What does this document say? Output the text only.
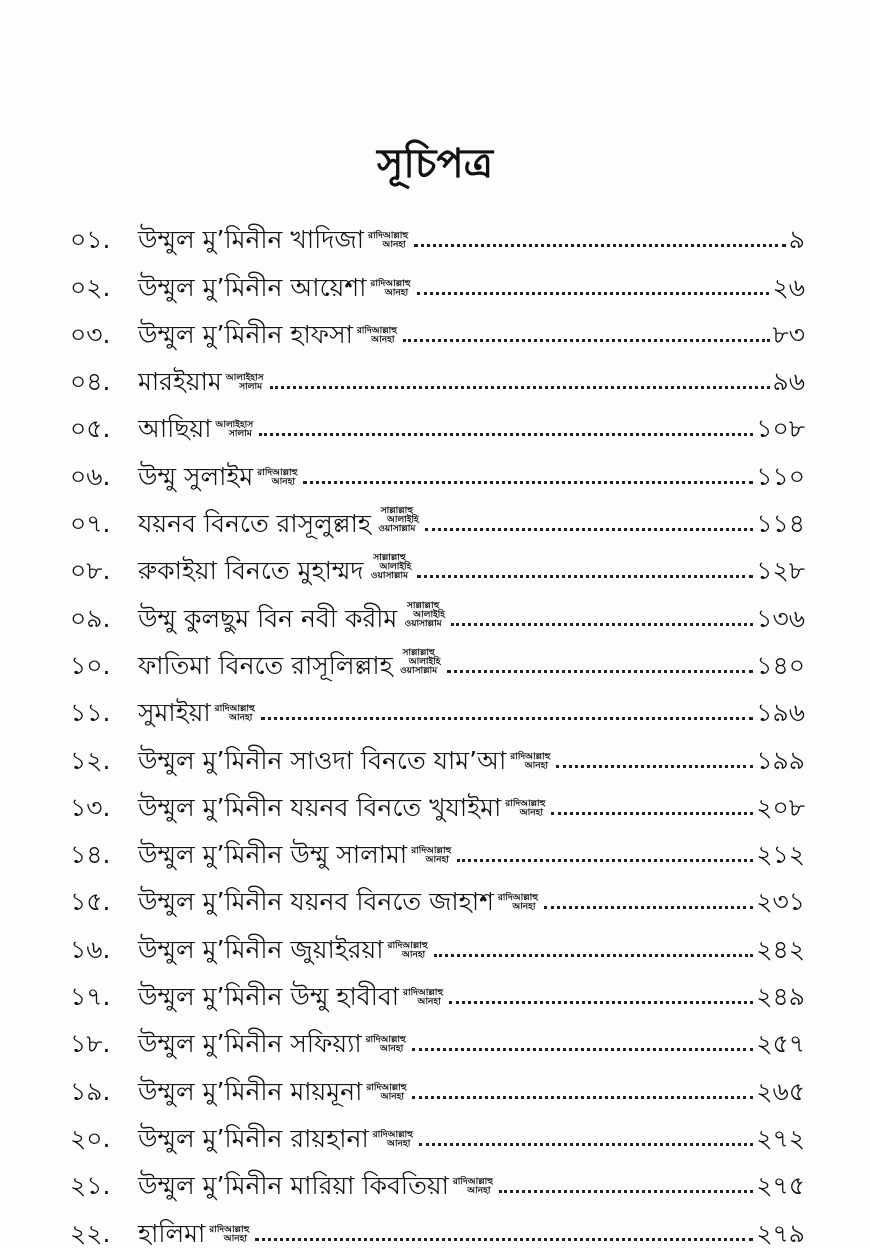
সূচিপত্র
০১.	উম্মুল মু’মিনীন খাদিজা রাদিআল্লাহু
আনহা	৯
০২.	উম্মুল মু’মিনীন আয়েশা রাদিআল্লাহু
আনহা	২৬
০৩.	উম্মুল মু’মিনীন হাফসা রাদিআল্লাহু
আনহা	৮৩
০৪.	মারইয়াম আলাইহাস
সালাম	৯৬
০৫.	আছিয়া আলাইহাস
সালাম	১০৮
০৬.	উম্মু সুলাইম রাদিআল্লাহু
আনহা	১১০
০৭.	যয়নব বিনতে রাসূলুল্লাহ সাল্লাল্লাহু
আলাইহি
ওয়াসাল্লাম	১১৪
০৮.	রুকাইয়া বিনতে মুহাম্মদ সাল্লাল্লাহু
আলাইহি
ওয়াসাল্লাম	১২৮
০৯.	উম্মু কুলছুম বিন নবী করীম সাল্লাল্লাহু
আলাইহি
ওয়াসাল্লাম	১৩৬
১০.	ফাতিমা বিনতে রাসূলিল্লাহ সাল্লাল্লাহু
আলাইহি
ওয়াসাল্লাম	১৪০
১১.	সুমাইয়া রাদিআল্লাহু
আনহা	১৯৬
১২.	উম্মুল মু’মিনীন সাওদা বিনতে যাম’আ রাদিআল্লাহু
আনহা	১৯৯
১৩.	উম্মুল মু’মিনীন যয়নব বিনতে খুযাইমা রাদিআল্লাহু
আনহা	২০৮
১৪.	উম্মুল মু’মিনীন উম্মু সালামা রাদিআল্লাহু
আনহা	২১২
১৫.	উম্মুল মু’মিনীন যয়নব বিনতে জাহাশ রাদিআল্লাহু
আনহা	২৩১
১৬.	উম্মুল মু’মিনীন জুয়াইরয়া রাদিআল্লাহু
আনহা	২৪২
১৭.	উম্মুল মু’মিনীন উম্মু হাবীবা রাদিআল্লাহু
আনহা	২৪৯
১৮.	উম্মুল মু’মিনীন সফিয়্যা রাদিআল্লাহু
আনহা	২৫৭
১৯.	উম্মুল মু’মিনীন মায়মূনা রাদিআল্লাহু
আনহা	২৬৫
২০.	উম্মুল মু’মিনীন রায়হানা রাদিআল্লাহু
আনহা	২৭২
২১.	উম্মুল মু’মিনীন মারিয়া কিবতিয়া রাদিআল্লাহু
আনহা	২৭৫
২২.	হালিমা রাদিআল্লাহু
আনহা	২৭৯
